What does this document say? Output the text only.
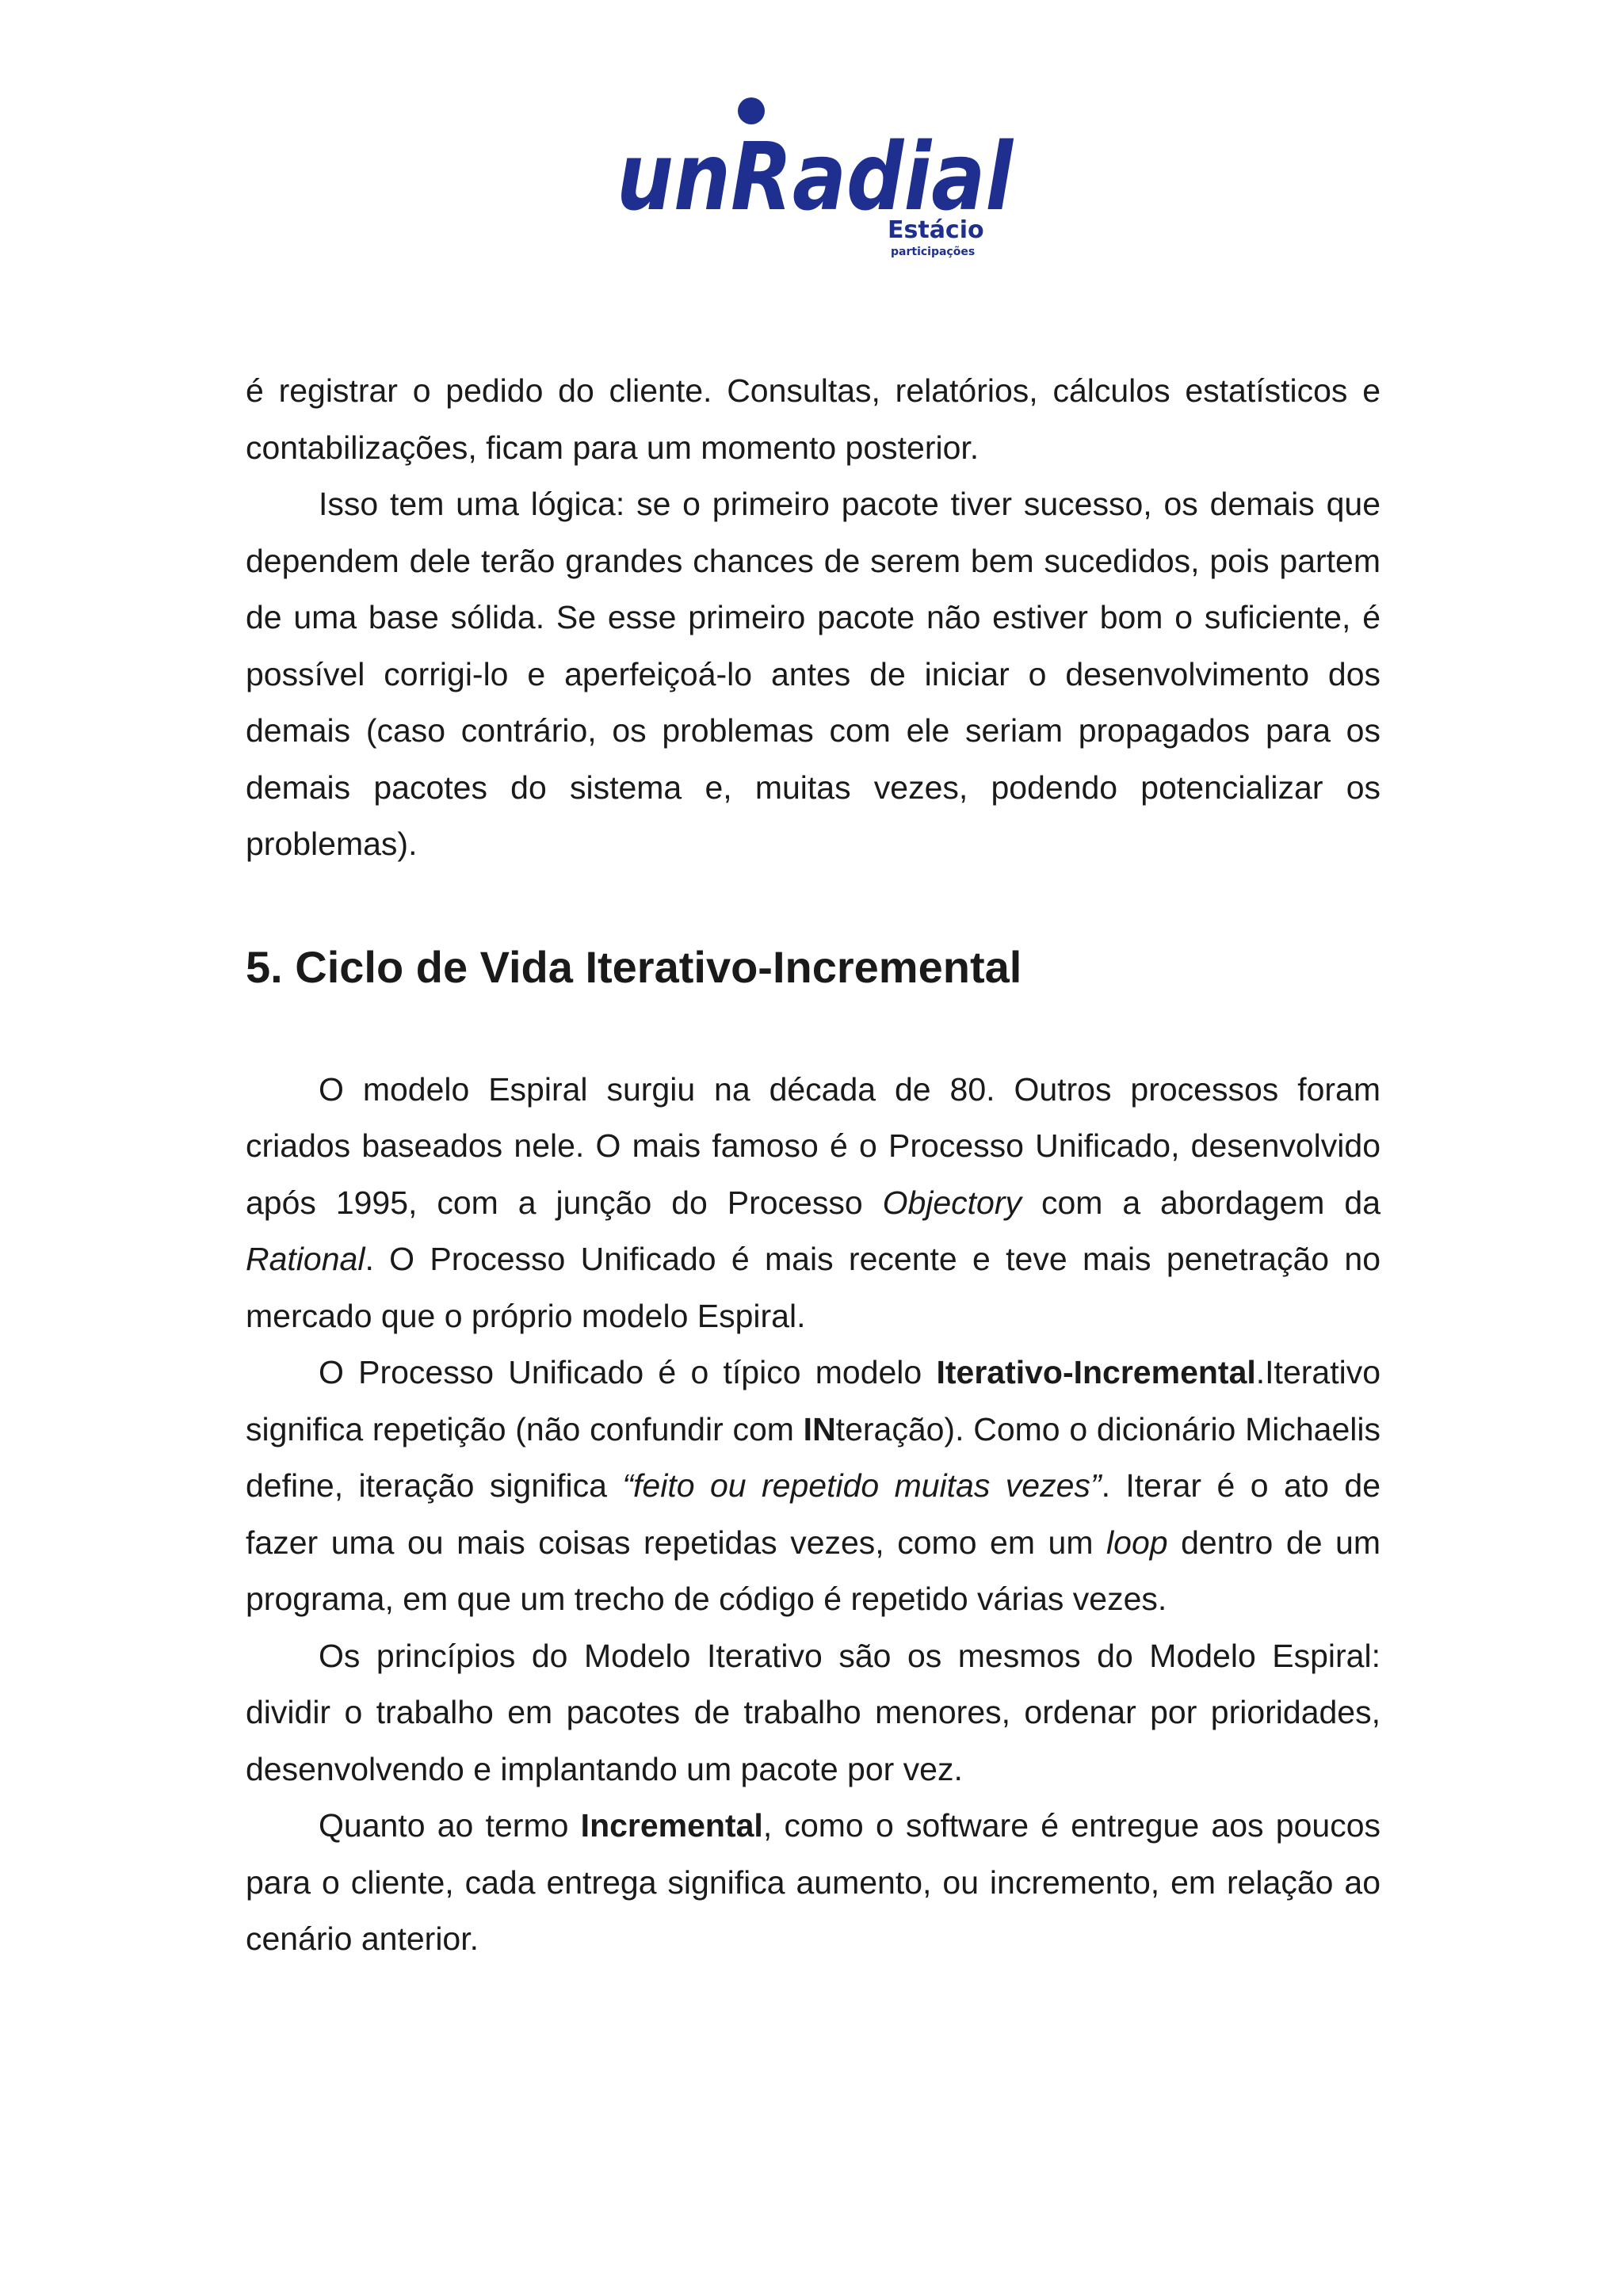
unRadial
Estácio
participações

é registrar o pedido do cliente. Consultas, relatórios, cálculos estatísticos e contabilizações, ficam para um momento posterior.

Isso tem uma lógica: se o primeiro pacote tiver sucesso, os demais que dependem dele terão grandes chances de serem bem sucedidos, pois partem de uma base sólida. Se esse primeiro pacote não estiver bom o suficiente, é possível corrigi-lo e aperfeiçoá-lo antes de iniciar o desenvolvimento dos demais (caso contrário, os problemas com ele seriam propagados para os demais pacotes do sistema e, muitas vezes, podendo potencializar os problemas).

5. Ciclo de Vida Iterativo-Incremental

O modelo Espiral surgiu na década de 80. Outros processos foram criados baseados nele. O mais famoso é o Processo Unificado, desenvolvido após 1995, com a junção do Processo Objectory com a abordagem da Rational. O Processo Unificado é mais recente e teve mais penetração no mercado que o próprio modelo Espiral.

O Processo Unificado é o típico modelo Iterativo-Incremental.Iterativo significa repetição (não confundir com INteração). Como o dicionário Michaelis define, iteração significa “feito ou repetido muitas vezes”. Iterar é o ato de fazer uma ou mais coisas repetidas vezes, como em um loop dentro de um programa, em que um trecho de código é repetido várias vezes.

Os princípios do Modelo Iterativo são os mesmos do Modelo Espiral: dividir o trabalho em pacotes de trabalho menores, ordenar por prioridades, desenvolvendo e implantando um pacote por vez.

Quanto ao termo Incremental, como o software é entregue aos poucos para o cliente, cada entrega significa aumento, ou incremento, em relação ao cenário anterior.
